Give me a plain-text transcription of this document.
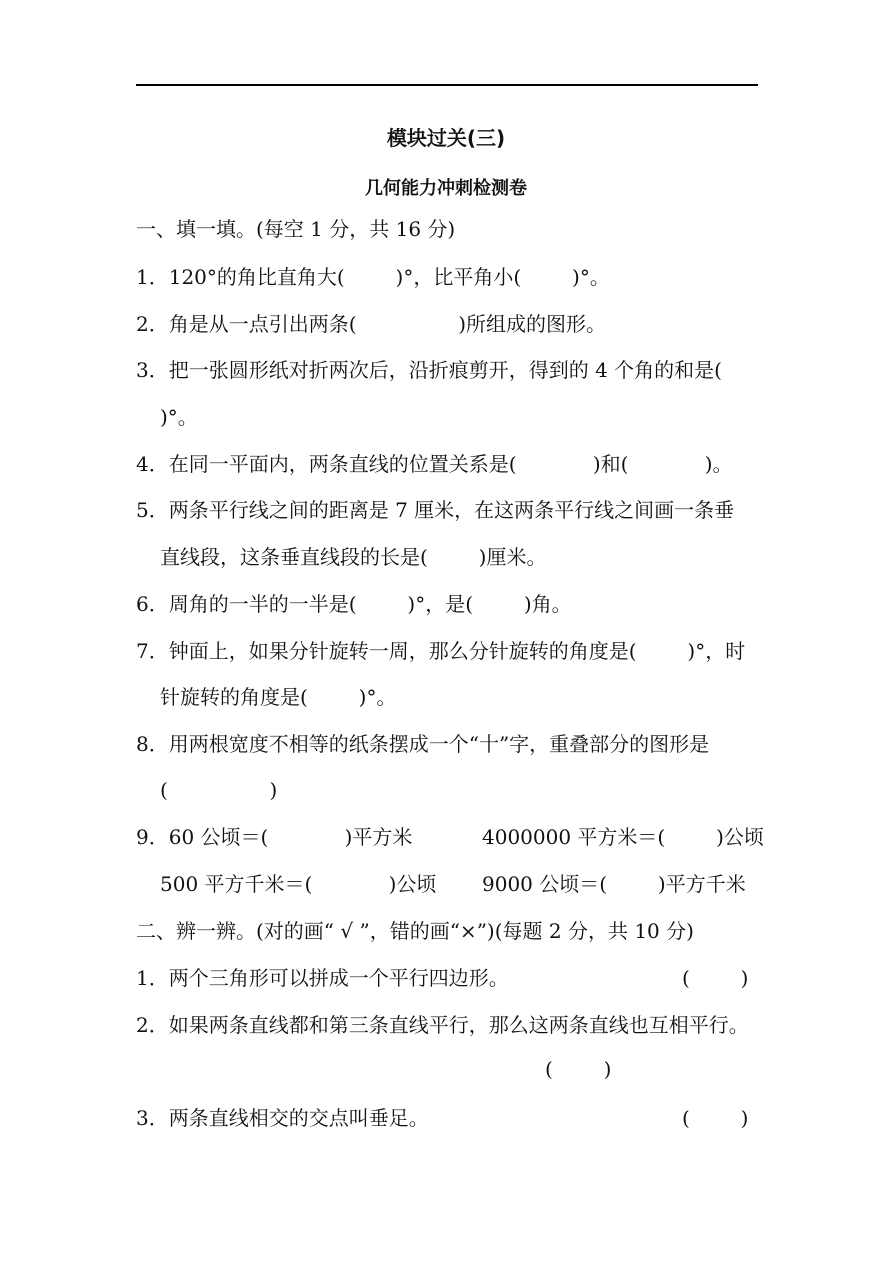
模块过关(三)
几何能力冲刺检测卷
一、填一填。(每空 1 分，共 16 分)
1．120°的角比直角大(        )°，比平角小(        )°。
2．角是从一点引出两条(                )所组成的图形。
3．把一张圆形纸对折两次后，沿折痕剪开，得到的 4 个角的和是(
)°。
4．在同一平面内，两条直线的位置关系是(            )和(            )。
5．两条平行线之间的距离是 7 厘米，在这两条平行线之间画一条垂
直线段，这条垂直线段的长是(        )厘米。
6．周角的一半的一半是(        )°，是(        )角。
7．钟面上，如果分针旋转一周，那么分针旋转的角度是(        )°，时
针旋转的角度是(        )°。
8．用两根宽度不相等的纸条摆成一个“十”字，重叠部分的图形是
(                )
9．60 公顷＝(            )平方米	4000000 平方米＝(        )公顷
500 平方千米＝(            )公顷 9000 公顷＝(        )平方千米
二、辨一辨。(对的画“ √ ”，错的画“×”)(每题 2 分，共 10 分)
1．两个三角形可以拼成一个平行四边形。	(        )
2．如果两条直线都和第三条直线平行，那么这两条直线也互相平行。
(        )
3．两条直线相交的交点叫垂足。	(        )
